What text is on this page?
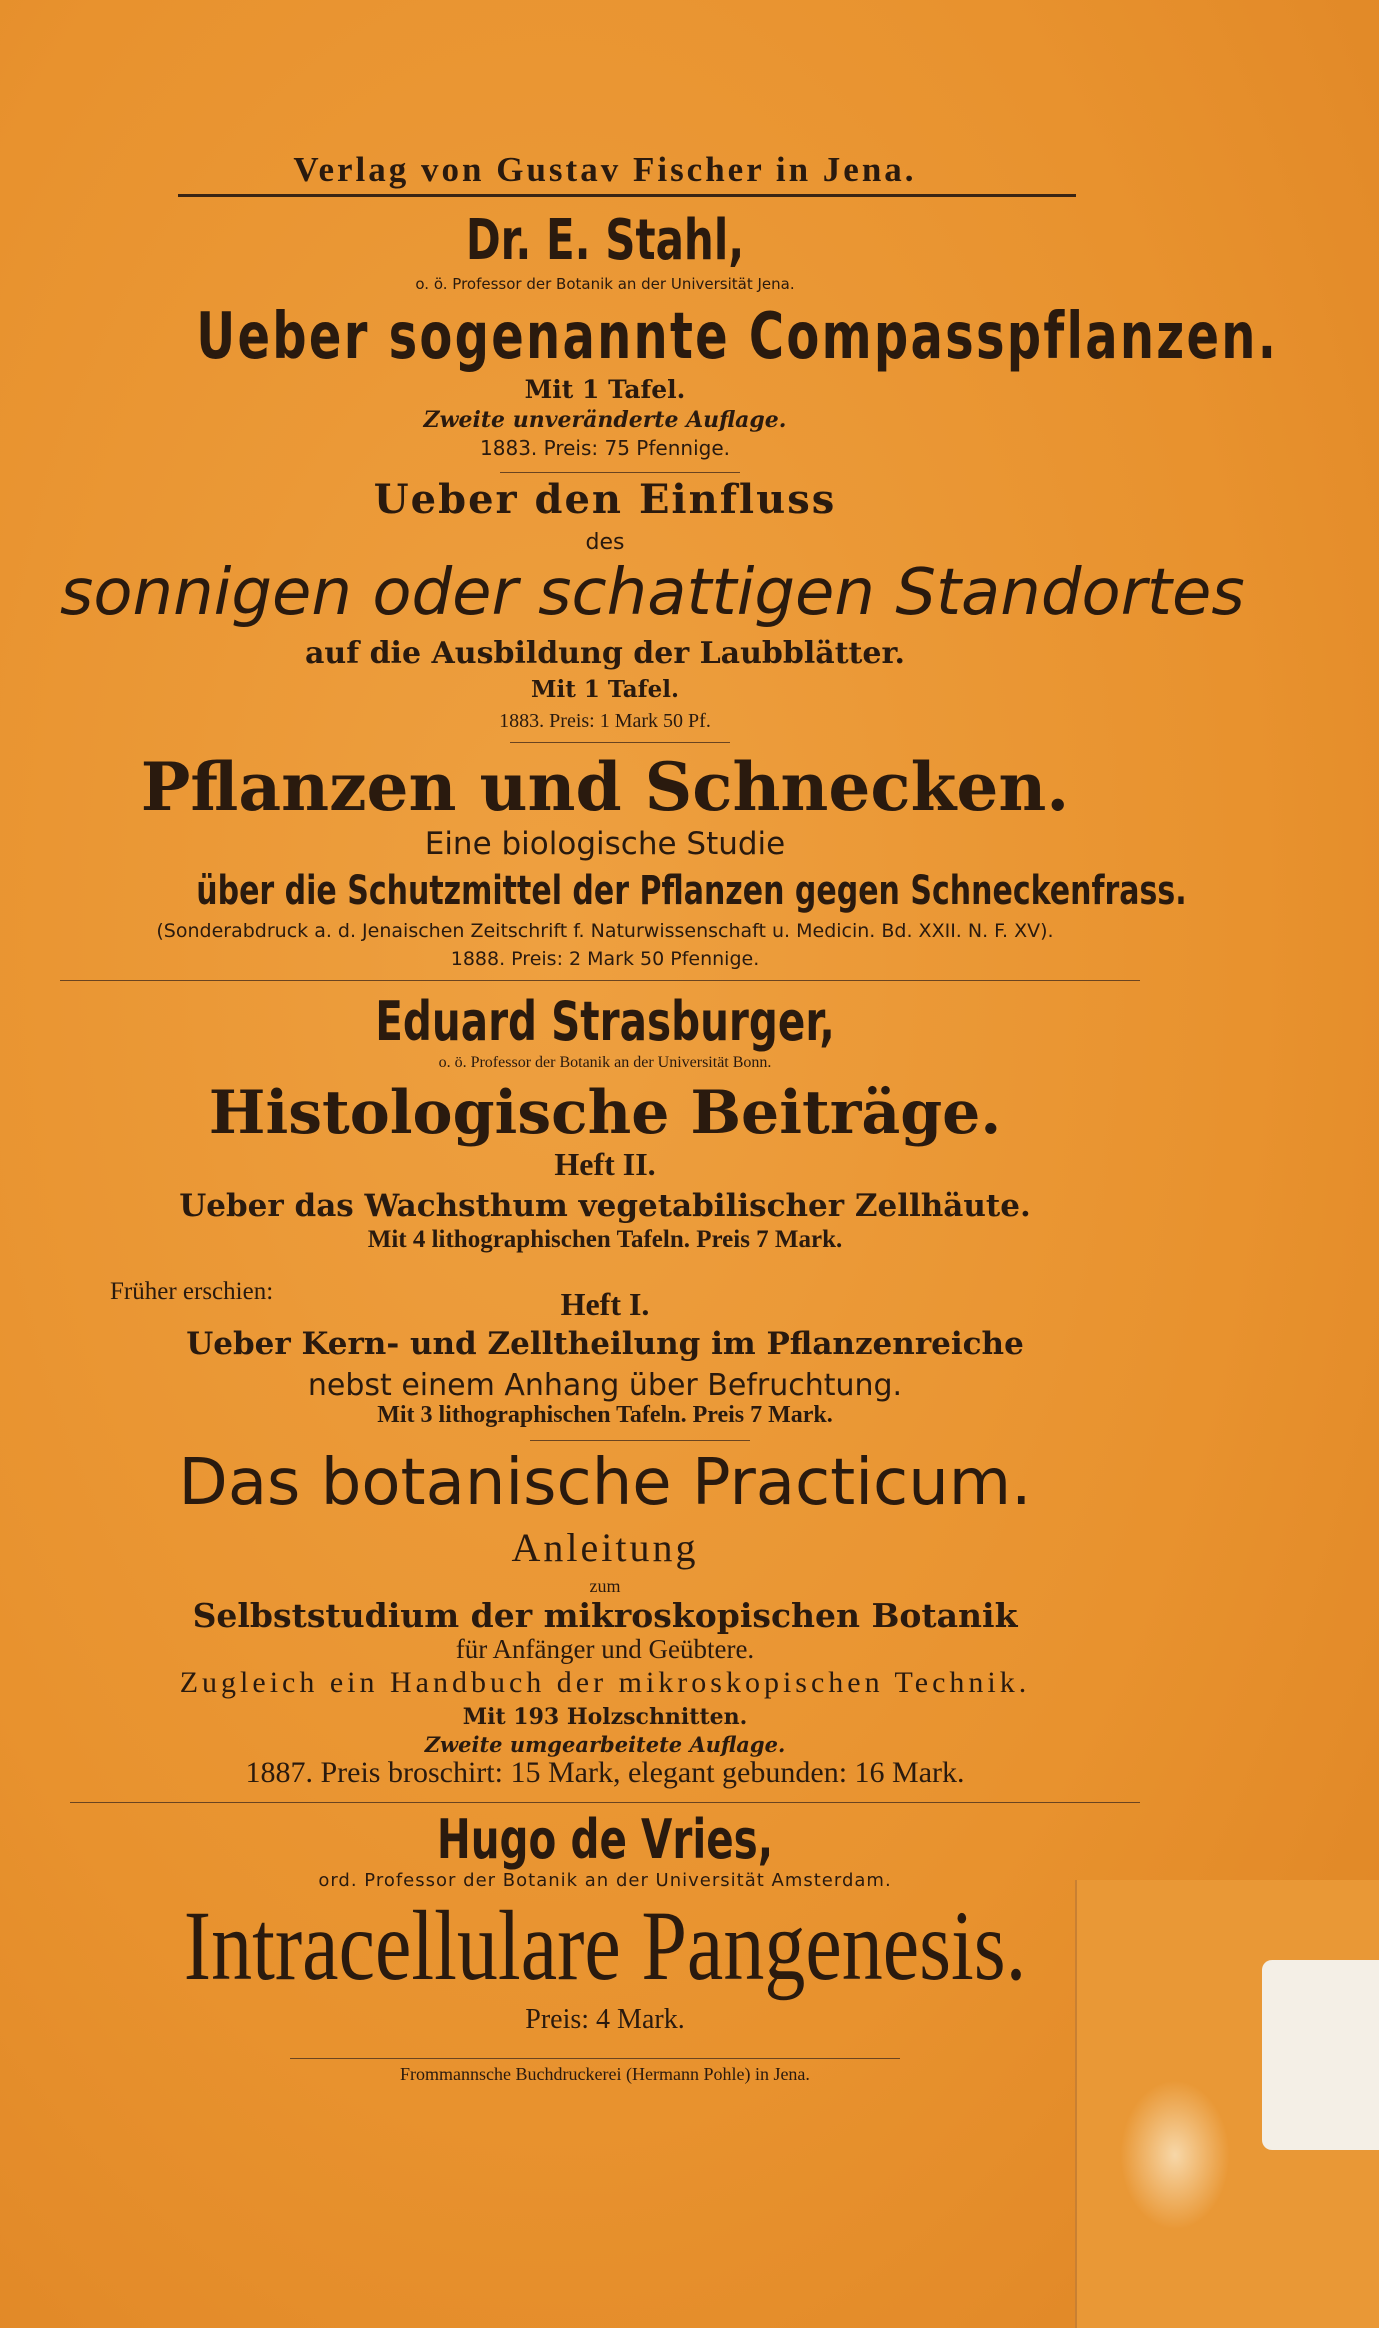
Verlag von Gustav Fischer in Jena.
Dr. E. Stahl,
o. ö. Professor der Botanik an der Universität Jena.
Ueber sogenannte Compasspflanzen.
Mit 1 Tafel.
Zweite unveränderte Auflage.
1883. Preis: 75 Pfennige.
Ueber den Einfluss
des
sonnigen oder schattigen Standortes
auf die Ausbildung der Laubblätter.
Mit 1 Tafel.
1883. Preis: 1 Mark 50 Pf.
Pflanzen und Schnecken.
Eine biologische Studie
über die Schutzmittel der Pflanzen gegen Schneckenfrass.
(Sonderabdruck a. d. Jenaischen Zeitschrift f. Naturwissenschaft u. Medicin. Bd. XXII. N. F. XV).
1888. Preis: 2 Mark 50 Pfennige.
Eduard Strasburger,
o. ö. Professor der Botanik an der Universität Bonn.
Histologische Beiträge.
Heft II.
Ueber das Wachsthum vegetabilischer Zellhäute.
Mit 4 lithographischen Tafeln. Preis 7 Mark.
Früher erschien:	Heft I.
Ueber Kern- und Zelltheilung im Pflanzenreiche
nebst einem Anhang über Befruchtung.
Mit 3 lithographischen Tafeln. Preis 7 Mark.
Das botanische Practicum.
Anleitung
zum
Selbststudium der mikroskopischen Botanik
für Anfänger und Geübtere.
Zugleich ein Handbuch der mikroskopischen Technik.
Mit 193 Holzschnitten.
Zweite umgearbeitete Auflage.
1887. Preis broschirt: 15 Mark, elegant gebunden: 16 Mark.
Hugo de Vries,
ord. Professor der Botanik an der Universität Amsterdam.
Intracellulare Pangenesis.
Preis: 4 Mark.
Frommannsche Buchdruckerei (Hermann Pohle) in Jena.
